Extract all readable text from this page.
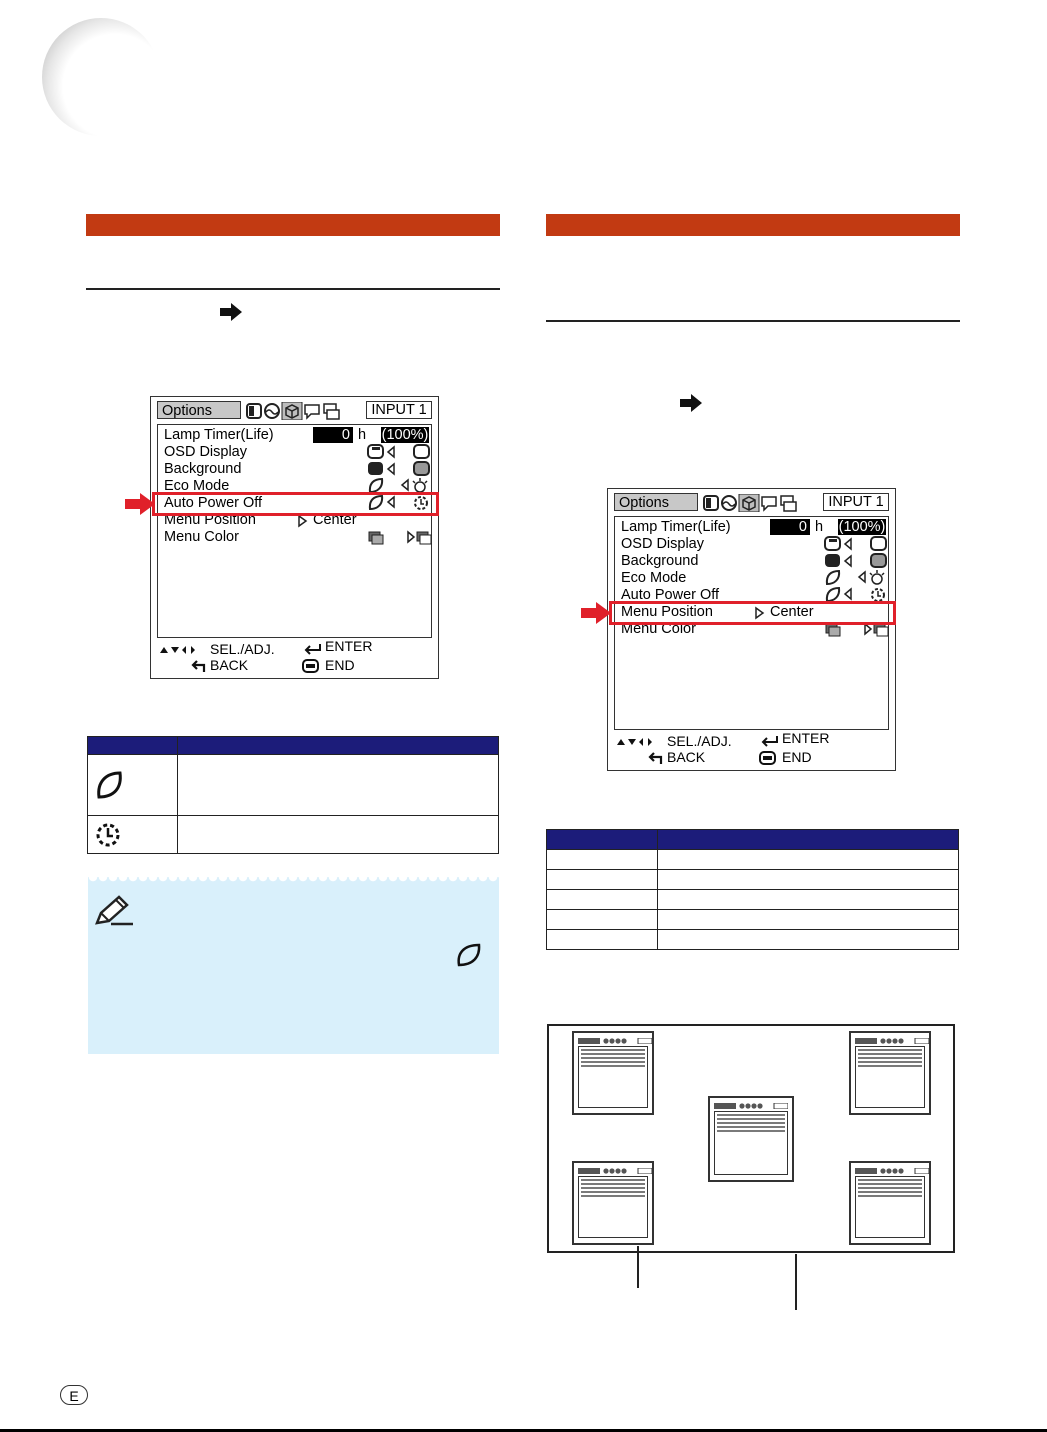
Options	INPUT 1
Lamp Timer(Life)	0 h (100%)
OSD Display
Background
Eco Mode
Auto Power Off
Menu Position	Center
Menu Color
SEL./ADJ.	ENTER
BACK	END

Options	INPUT 1
Lamp Timer(Life)	0 h (100%)
OSD Display
Background
Eco Mode
Auto Power Off
Menu Position	Center
Menu Color
SEL./ADJ.	ENTER
BACK	END

E
